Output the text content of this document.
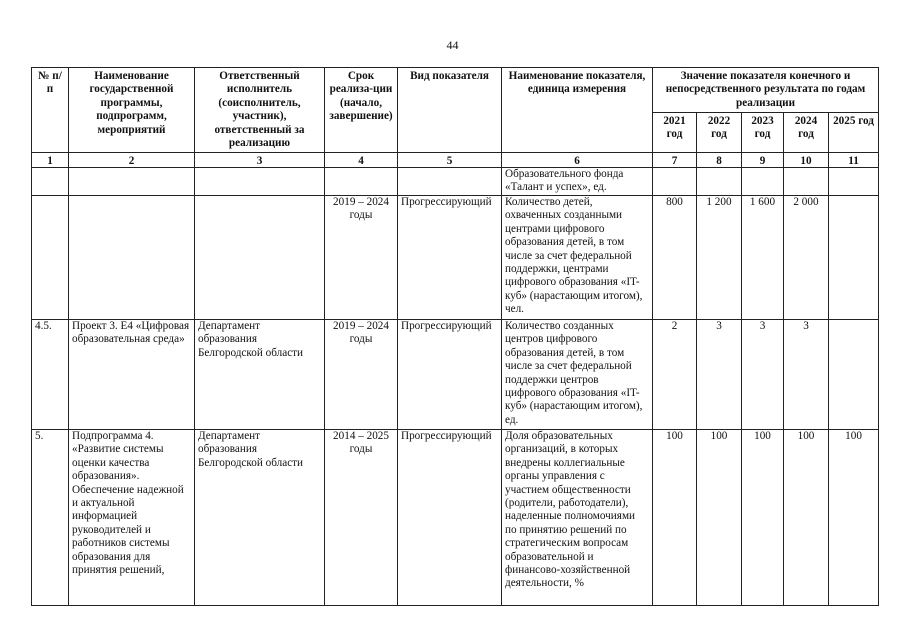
44
№ п/п	Наименование государственной программы, подпрограмм, мероприятий	Ответственный исполнитель (соисполнитель, участник), ответственный за реализацию	Срок реализа-ции (начало, завершение)	Вид показателя	Наименование показателя, единица измерения	Значение показателя конечного и непосредственного результата по годам реализации				
						2021 год	2022 год	2023 год	2024 год	2025 год
1	2	3	4	5	6	7	8	9	10	11
					Образовательного фонда «Талант и успех», ед.					
			2019 – 2024 годы	Прогрессирующий	Количество детей, охваченных созданными центрами цифрового образования детей, в том числе за счет федеральной поддержки, центрами цифрового образования «IT-куб» (нарастающим итогом), чел.	800	1 200	1 600	2 000	
4.5.	Проект 3. Е4 «Цифровая образовательная среда»	Департамент образования Белгородской области	2019 – 2024 годы	Прогрессирующий	Количество созданных центров цифрового образования детей, в том числе за счет федеральной поддержки центров цифрового образования «IT-куб» (нарастающим итогом), ед.	2	3	3	3	
5.	Подпрограмма 4. «Развитие системы оценки качества образования». Обеспечение надежной и актуальной информацией руководителей и работников системы образования для принятия решений,	Департамент образования Белгородской области	2014 – 2025 годы	Прогрессирующий	Доля образовательных организаций, в которых внедрены коллегиальные органы управления с участием общественности (родители, работодатели), наделенные полномочиями по принятию решений по стратегическим вопросам образовательной и финансово-хозяйственной деятельности, %	100	100	100	100	100
